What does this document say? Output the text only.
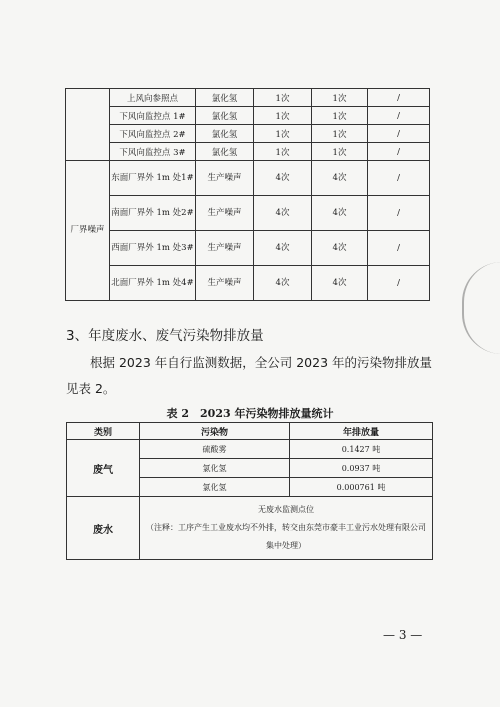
	上风向参照点	氯化氢	1次	1次	/
	下风向监控点 1#	氯化氢	1次	1次	/
	下风向监控点 2#	氯化氢	1次	1次	/
	下风向监控点 3#	氯化氢	1次	1次	/
厂界噪声	东面厂界外 1m 处1#	生产噪声	4次	4次	/
	南面厂界外 1m 处2#	生产噪声	4次	4次	/
	西面厂界外 1m 处3#	生产噪声	4次	4次	/
	北面厂界外 1m 处4#	生产噪声	4次	4次	/
3、年度废水、废气污染物排放量
根据 2023 年自行监测数据，全公司 2023 年的污染物排放量
见表 2。
表 2　2023 年污染物排放量统计
类别	污染物	年排放量
废气	硫酸雾	0.1427 吨
	氯化氢	0.0937 吨
	氯化氢	0.000761 吨
废水	无废水监测点位
（注释：工序产生工业废水均不外排，转交由东莞市豪丰工业污水处理有限公司集中处理）	
— 3 —
